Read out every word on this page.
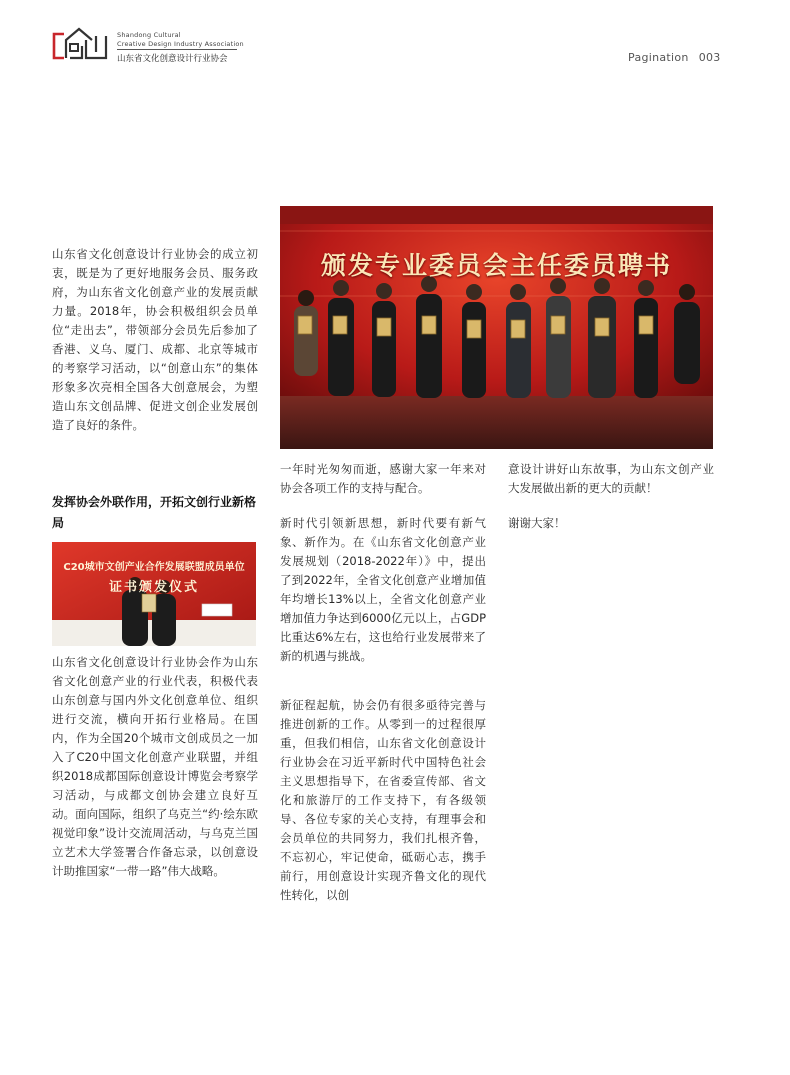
Shandong Cultural
Creative Design Industry Association
山东省文化创意设计行业协会	Pagination 003
颁发专业委员会主任委员聘书
山东省文化创意设计行业协会的成立初衷，既是为了更好地服务会员、服务政府，为山东省文化创意产业的发展贡献力量。2018年，协会积极组织会员单位“走出去”，带领部分会员先后参加了香港、义乌、厦门、成都、北京等城市的考察学习活动，以“创意山东”的集体形象多次亮相全国各大创意展会，为塑造山东文创品牌、促进文创企业发展创造了良好的条件。
发挥协会外联作用，开拓文创行业新格局
C20城市文创产业合作发展联盟成员单位
证书颁发仪式
山东省文化创意设计行业协会作为山东省文化创意产业的行业代表，积极代表山东创意与国内外文化创意单位、组织进行交流，横向开拓行业格局。在国内，作为全国20个城市文创成员之一加入了C20中国文化创意产业联盟，并组织2018成都国际创意设计博览会考察学习活动，与成都文创协会建立良好互动。面向国际，组织了乌克兰“约·绘东欧视觉印象”设计交流周活动，与乌克兰国立艺术大学签署合作备忘录，以创意设计助推国家“一带一路”伟大战略。
一年时光匆匆而逝，感谢大家一年来对协会各项工作的支持与配合。
新时代引领新思想，新时代要有新气象、新作为。在《山东省文化创意产业发展规划（2018-2022年）》中，提出了到2022年，全省文化创意产业增加值年均增长13%以上，全省文化创意产业增加值力争达到6000亿元以上，占GDP比重达6%左右，这也给行业发展带来了新的机遇与挑战。
新征程起航，协会仍有很多亟待完善与推进创新的工作。从零到一的过程很厚重，但我们相信，山东省文化创意设计行业协会在习近平新时代中国特色社会主义思想指导下，在省委宣传部、省文化和旅游厅的工作支持下，有各级领导、各位专家的关心支持，有理事会和会员单位的共同努力，我们扎根齐鲁，不忘初心，牢记使命，砥砺心志，携手前行，用创意设计实现齐鲁文化的现代性转化，以创
意设计讲好山东故事，为山东文创产业大发展做出新的更大的贡献！
谢谢大家！
